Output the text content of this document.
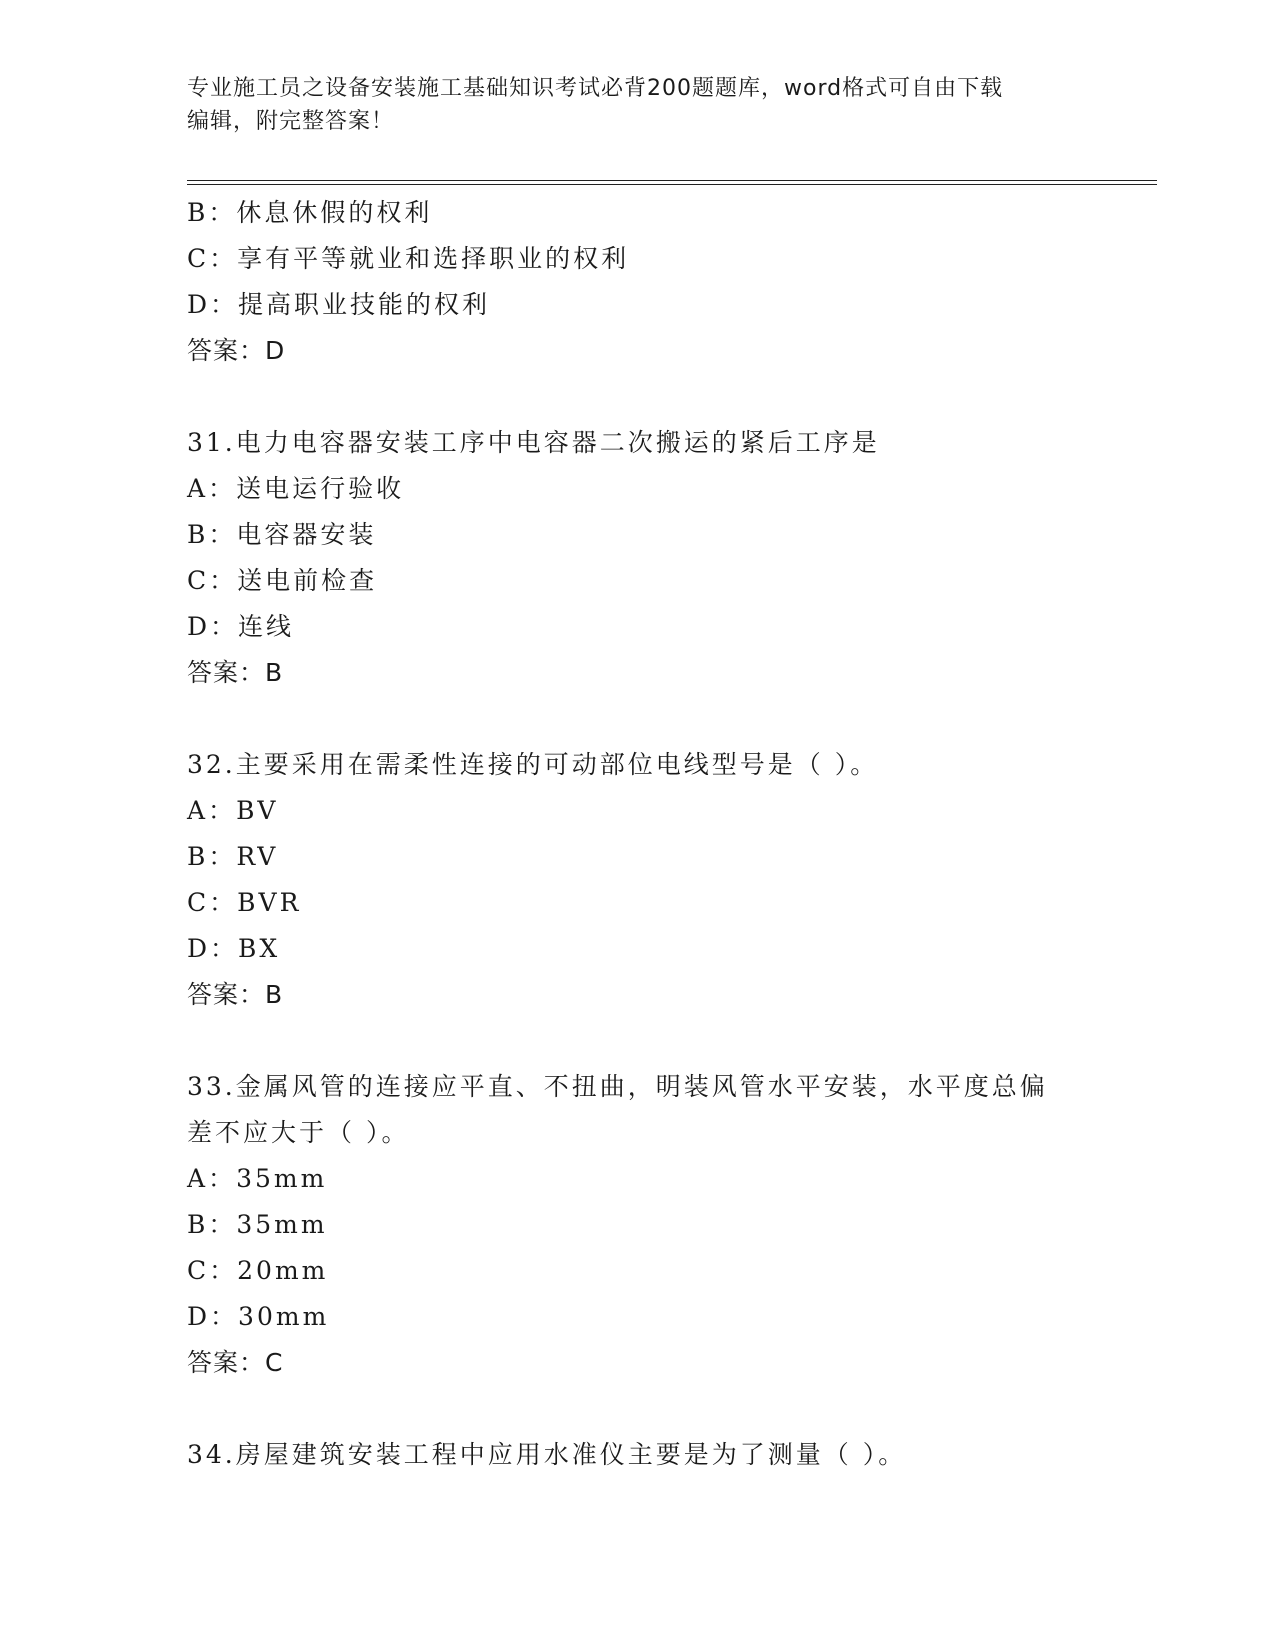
专业施工员之设备安装施工基础知识考试必背200题题库，word格式可自由下载
编辑，附完整答案！
B：休息休假的权利
C：享有平等就业和选择职业的权利
D：提高职业技能的权利
答案：D
31.电力电容器安装工序中电容器二次搬运的紧后工序是
A：送电运行验收
B：电容器安装
C：送电前检查
D：连线
答案：B
32.主要采用在需柔性连接的可动部位电线型号是（ ）。
A：BV
B：RV
C：BVR
D：BX
答案：B
33.金属风管的连接应平直、不扭曲，明装风管水平安装，水平度总偏
差不应大于（ ）。
A：35mm
B：35mm
C：20mm
D：30mm
答案：C
34.房屋建筑安装工程中应用水准仪主要是为了测量（ ）。
